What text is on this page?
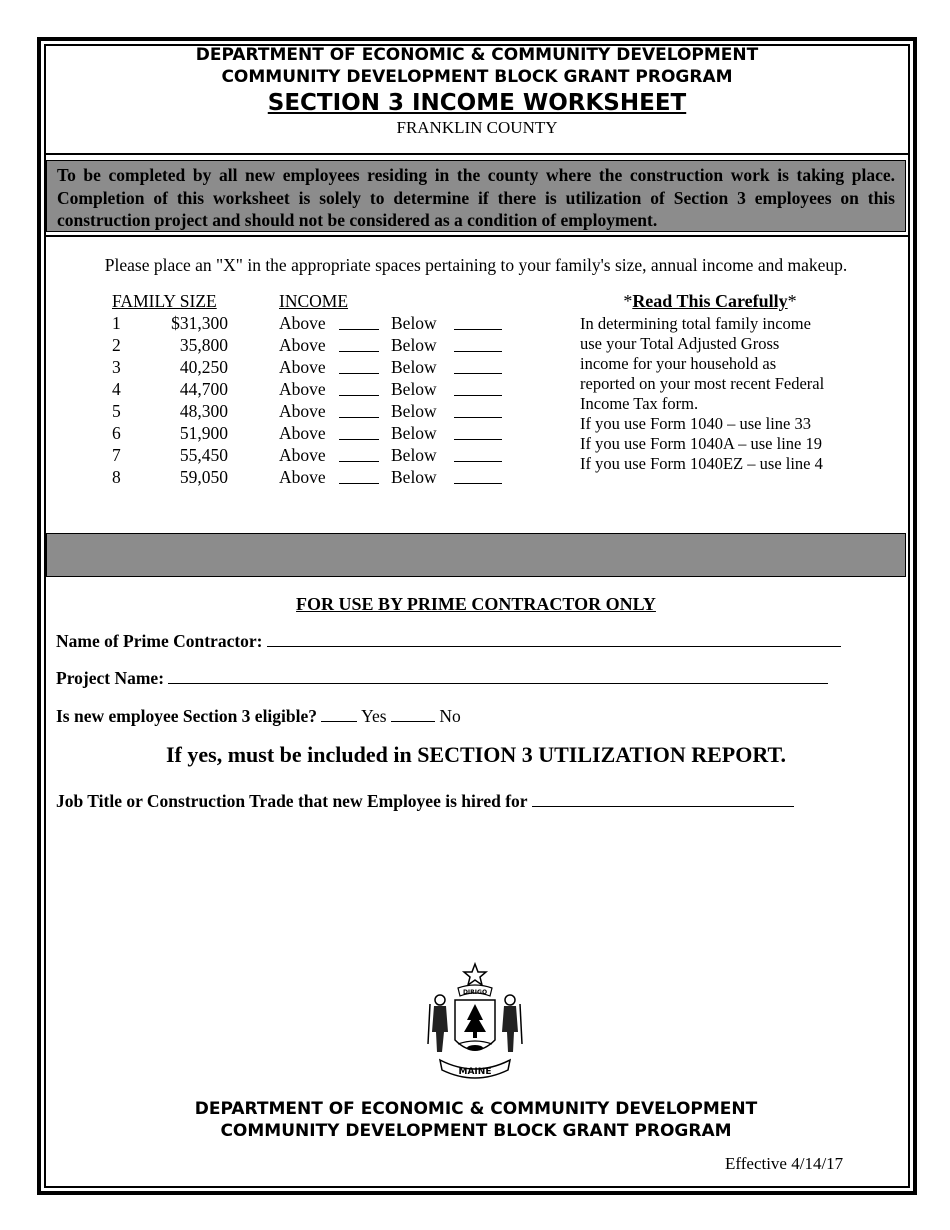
DEPARTMENT OF ECONOMIC & COMMUNITY DEVELOPMENT
COMMUNITY DEVELOPMENT BLOCK GRANT PROGRAM
SECTION 3 INCOME WORKSHEET
FRANKLIN COUNTY
To be completed by all new employees residing in the county where the construction work is taking place. Completion of this worksheet is solely to determine if there is utilization of Section 3 employees on this construction project and should not be considered as a condition of employment.
Please place an "X" in the appropriate spaces pertaining to your family's size, annual income and makeup.
FAMILY SIZE	INCOME
1	$31,300	Above	Below
2	35,800	Above	Below
3	40,250	Above	Below
4	44,700	Above	Below
5	48,300	Above	Below
6	51,900	Above	Below
7	55,450	Above	Below
8	59,050	Above	Below
*Read This Carefully*
In determining total family income
use your Total Adjusted Gross
income for your household as
reported on your most recent Federal
Income Tax form.
If you use Form 1040 – use line 33
If you use Form 1040A – use line 19
If you use Form 1040EZ – use line 4
FOR USE BY PRIME CONTRACTOR ONLY
Name of Prime Contractor:
Project Name:
Is new employee Section 3 eligible?	Yes	No
If yes, must be included in SECTION 3 UTILIZATION REPORT.
Job Title or Construction Trade that new Employee is hired for
DIRIGO
MAINE
DEPARTMENT OF ECONOMIC & COMMUNITY DEVELOPMENT
COMMUNITY DEVELOPMENT BLOCK GRANT PROGRAM
Effective 4/14/17
